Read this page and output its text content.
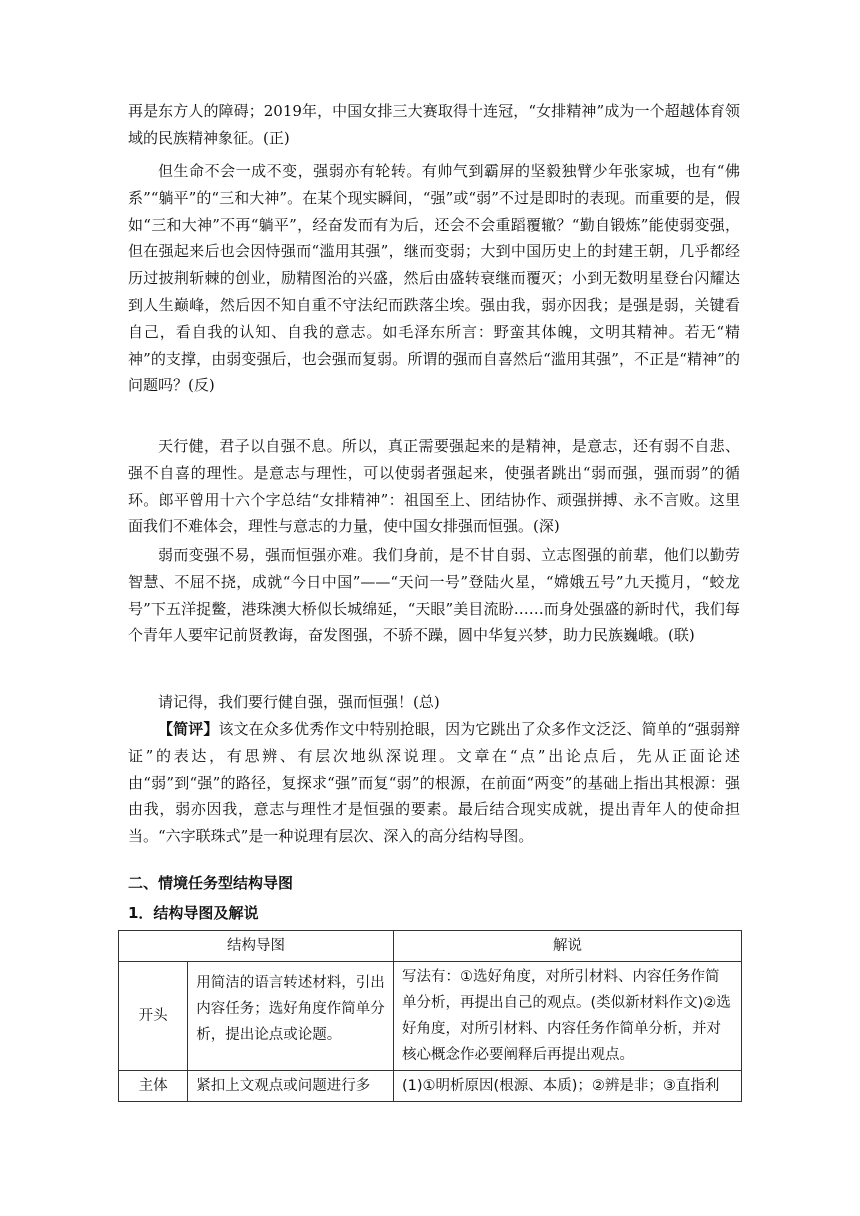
再是东方人的障碍；2019年，中国女排三大赛取得十连冠，“女排精神”成为一个超越体育领域的民族精神象征。(正)

但生命不会一成不变，强弱亦有轮转。有帅气到霸屏的坚毅独臂少年张家城，也有“佛系”“躺平”的“三和大神”。在某个现实瞬间，“强”或“弱”不过是即时的表现。而重要的是，假如“三和大神”不再“躺平”，经奋发而有为后，还会不会重蹈覆辙？“勤自锻炼”能使弱变强，但在强起来后也会因恃强而“滥用其强”，继而变弱；大到中国历史上的封建王朝，几乎都经历过披荆斩棘的创业，励精图治的兴盛，然后由盛转衰继而覆灭；小到无数明星登台闪耀达到人生巅峰，然后因不知自重不守法纪而跌落尘埃。强由我，弱亦因我；是强是弱，关键看自己，看自我的认知、自我的意志。如毛泽东所言：野蛮其体魄，文明其精神。若无“精神”的支撑，由弱变强后，也会强而复弱。所谓的强而自喜然后“滥用其强”，不正是“精神”的问题吗？(反)

天行健，君子以自强不息。所以，真正需要强起来的是精神，是意志，还有弱不自悲、强不自喜的理性。是意志与理性，可以使弱者强起来，使强者跳出“弱而强，强而弱”的循环。郎平曾用十六个字总结“女排精神”：祖国至上、团结协作、顽强拼搏、永不言败。这里面我们不难体会，理性与意志的力量，使中国女排强而恒强。(深)

弱而变强不易，强而恒强亦难。我们身前，是不甘自弱、立志图强的前辈，他们以勤劳智慧、不屈不挠，成就“今日中国”——“天问一号”登陆火星，“嫦娥五号”九天揽月，“蛟龙号”下五洋捉鳖，港珠澳大桥似长城绵延，“天眼”美目流盼……而身处强盛的新时代，我们每个青年人要牢记前贤教诲，奋发图强，不骄不躁，圆中华复兴梦，助力民族巍峨。(联)

请记得，我们要行健自强，强而恒强！(总)

【简评】该文在众多优秀作文中特别抢眼，因为它跳出了众多作文泛泛、简单的“强弱辩证”的表达，有思辨、有层次地纵深说理。文章在“点”出论点后，先从正面论述由“弱”到“强”的路径，复探求“强”而复“弱”的根源，在前面“两变”的基础上指出其根源：强由我，弱亦因我，意志与理性才是恒强的要素。最后结合现实成就，提出青年人的使命担当。“六字联珠式”是一种说理有层次、深入的高分结构导图。

二、情境任务型结构导图

1．结构导图及解说

结构导图		解说
开头	用简洁的语言转述材料，引出内容任务；选好角度作简单分析，提出论点或论题。	写法有：①选好角度，对所引材料、内容任务作简单分析，再提出自己的观点。(类似新材料作文)②选好角度，对所引材料、内容任务作简单分析，并对核心概念作必要阐释后再提出观点。
主体	紧扣上文观点或问题进行多	(1)①明析原因(根源、本质)；②辨是非；③直指利
